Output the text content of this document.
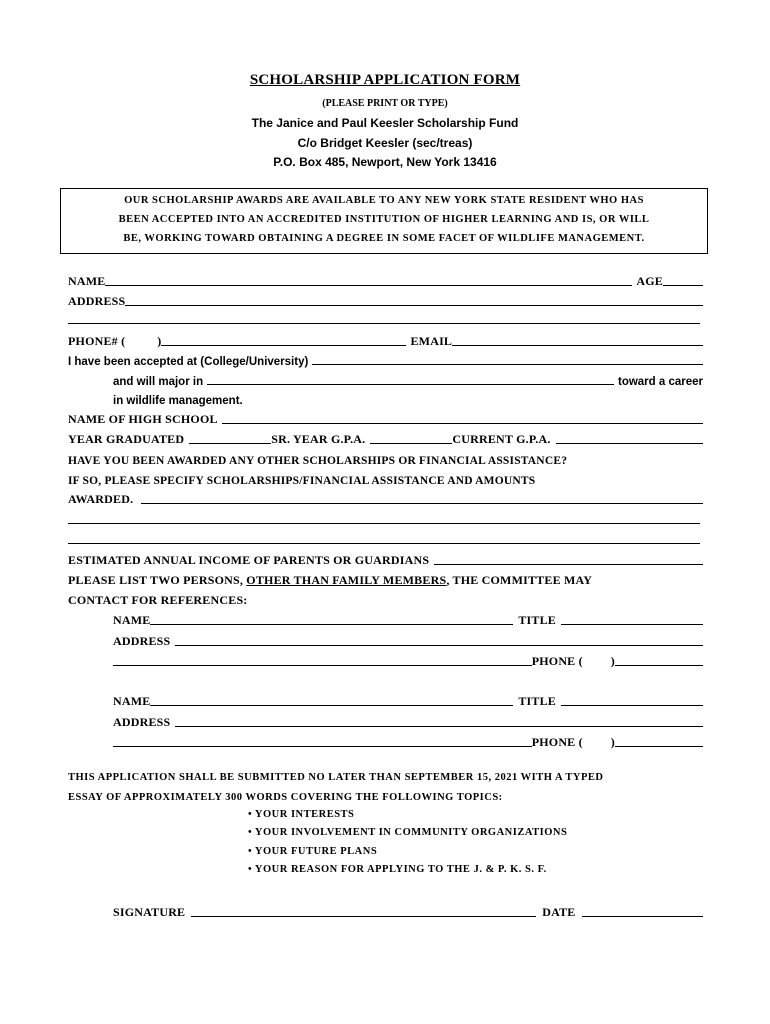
SCHOLARSHIP APPLICATION FORM
(PLEASE PRINT OR TYPE)
The Janice and Paul Keesler Scholarship Fund
C/o Bridget Keesler (sec/treas)
P.O. Box 485, Newport, New York 13416
OUR SCHOLARSHIP AWARDS ARE AVAILABLE TO ANY NEW YORK STATE RESIDENT WHO HAS
BEEN ACCEPTED INTO AN ACCREDITED INSTITUTION OF HIGHER LEARNING AND IS, OR WILL
BE, WORKING TOWARD OBTAINING A DEGREE IN SOME FACET OF WILDLIFE MANAGEMENT.
NAME	AGE
ADDRESS
PHONE# (	)	EMAIL
I have been accepted at (College/University)
and will major in	toward a career
in wildlife management.
NAME OF HIGH SCHOOL
YEAR GRADUATED	SR. YEAR G.P.A.	CURRENT G.P.A.
HAVE YOU BEEN AWARDED ANY OTHER SCHOLARSHIPS OR FINANCIAL ASSISTANCE?
IF SO, PLEASE SPECIFY SCHOLARSHIPS/FINANCIAL ASSISTANCE AND AMOUNTS
AWARDED.
ESTIMATED ANNUAL INCOME OF PARENTS OR GUARDIANS
PLEASE LIST TWO PERSONS, OTHER THAN FAMILY MEMBERS, THE COMMITTEE MAY
CONTACT FOR REFERENCES:
NAME	TITLE
ADDRESS
PHONE ( )
NAME	TITLE
ADDRESS
PHONE ( )
THIS APPLICATION SHALL BE SUBMITTED NO LATER THAN SEPTEMBER 15, 2021 WITH A TYPED
ESSAY OF APPROXIMATELY 300 WORDS COVERING THE FOLLOWING TOPICS:
• YOUR INTERESTS
• YOUR INVOLVEMENT IN COMMUNITY ORGANIZATIONS
• YOUR FUTURE PLANS
• YOUR REASON FOR APPLYING TO THE J. & P. K. S. F.
SIGNATURE	DATE
